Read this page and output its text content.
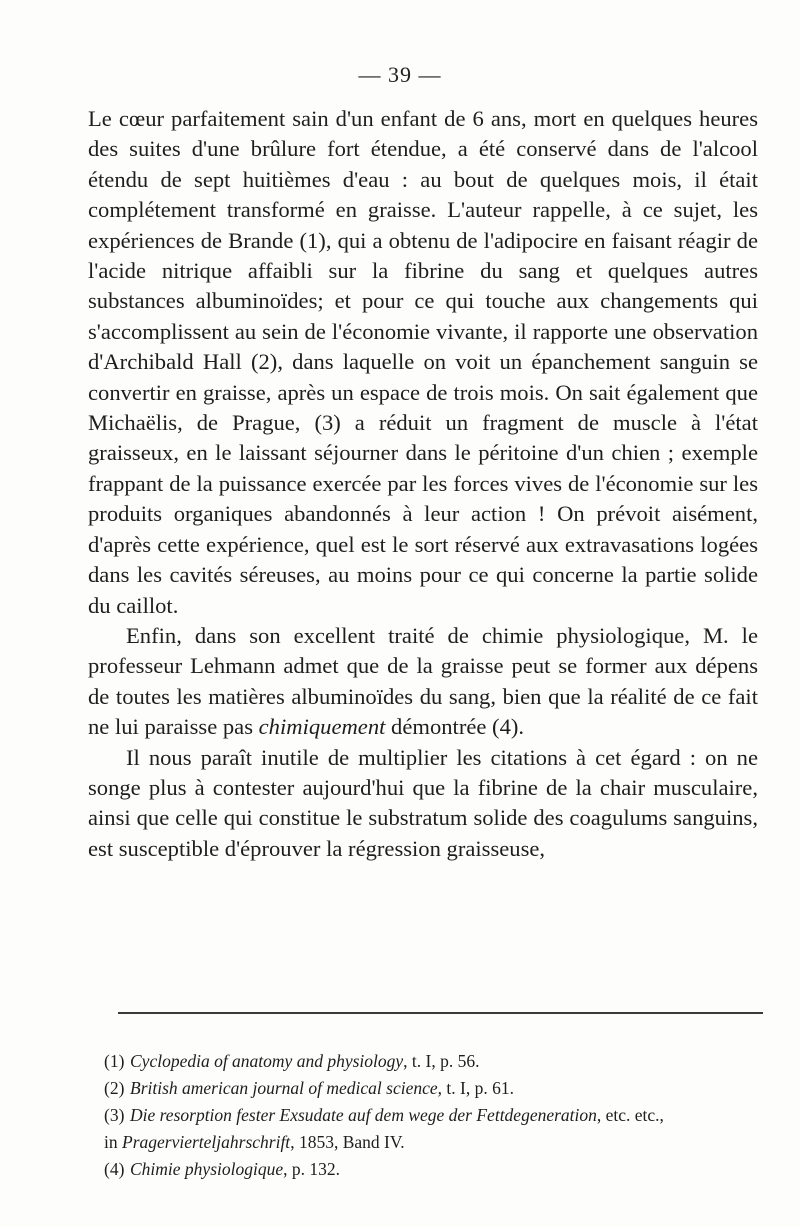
— 39 —

Le cœur parfaitement sain d'un enfant de 6 ans, mort en quelques heures des suites d'une brûlure fort étendue, a été conservé dans de l'alcool étendu de sept huitièmes d'eau : au bout de quelques mois, il était complétement transformé en graisse. L'auteur rappelle, à ce sujet, les expériences de Brande (1), qui a obtenu de l'adipocire en faisant réagir de l'acide nitrique affaibli sur la fibrine du sang et quelques autres substances albuminoïdes; et pour ce qui touche aux changements qui s'accomplissent au sein de l'économie vivante, il rapporte une observation d'Archibald Hall (2), dans laquelle on voit un épanchement sanguin se convertir en graisse, après un espace de trois mois. On sait également que Michaëlis, de Prague, (3) a réduit un fragment de muscle à l'état graisseux, en le laissant séjourner dans le péritoine d'un chien ; exemple frappant de la puissance exercée par les forces vives de l'économie sur les produits organiques abandonnés à leur action ! On prévoit aisément, d'après cette expérience, quel est le sort réservé aux extravasations logées dans les cavités séreuses, au moins pour ce qui concerne la partie solide du caillot.

Enfin, dans son excellent traité de chimie physiologique, M. le professeur Lehmann admet que de la graisse peut se former aux dépens de toutes les matières albuminoïdes du sang, bien que la réalité de ce fait ne lui paraisse pas chimiquement démontrée (4).

Il nous paraît inutile de multiplier les citations à cet égard : on ne songe plus à contester aujourd'hui que la fibrine de la chair musculaire, ainsi que celle qui constitue le substratum solide des coagulums sanguins, est susceptible d'éprouver la régression graisseuse,

(1) Cyclopedia of anatomy and physiology, t. I, p. 56.

(2) British american journal of medical science, t. I, p. 61.

(3) Die resorption fester Exsudate auf dem wege der Fettdegeneration, etc. etc.,

in Pragervierteljahrschrift, 1853, Band IV.

(4) Chimie physiologique, p. 132.
